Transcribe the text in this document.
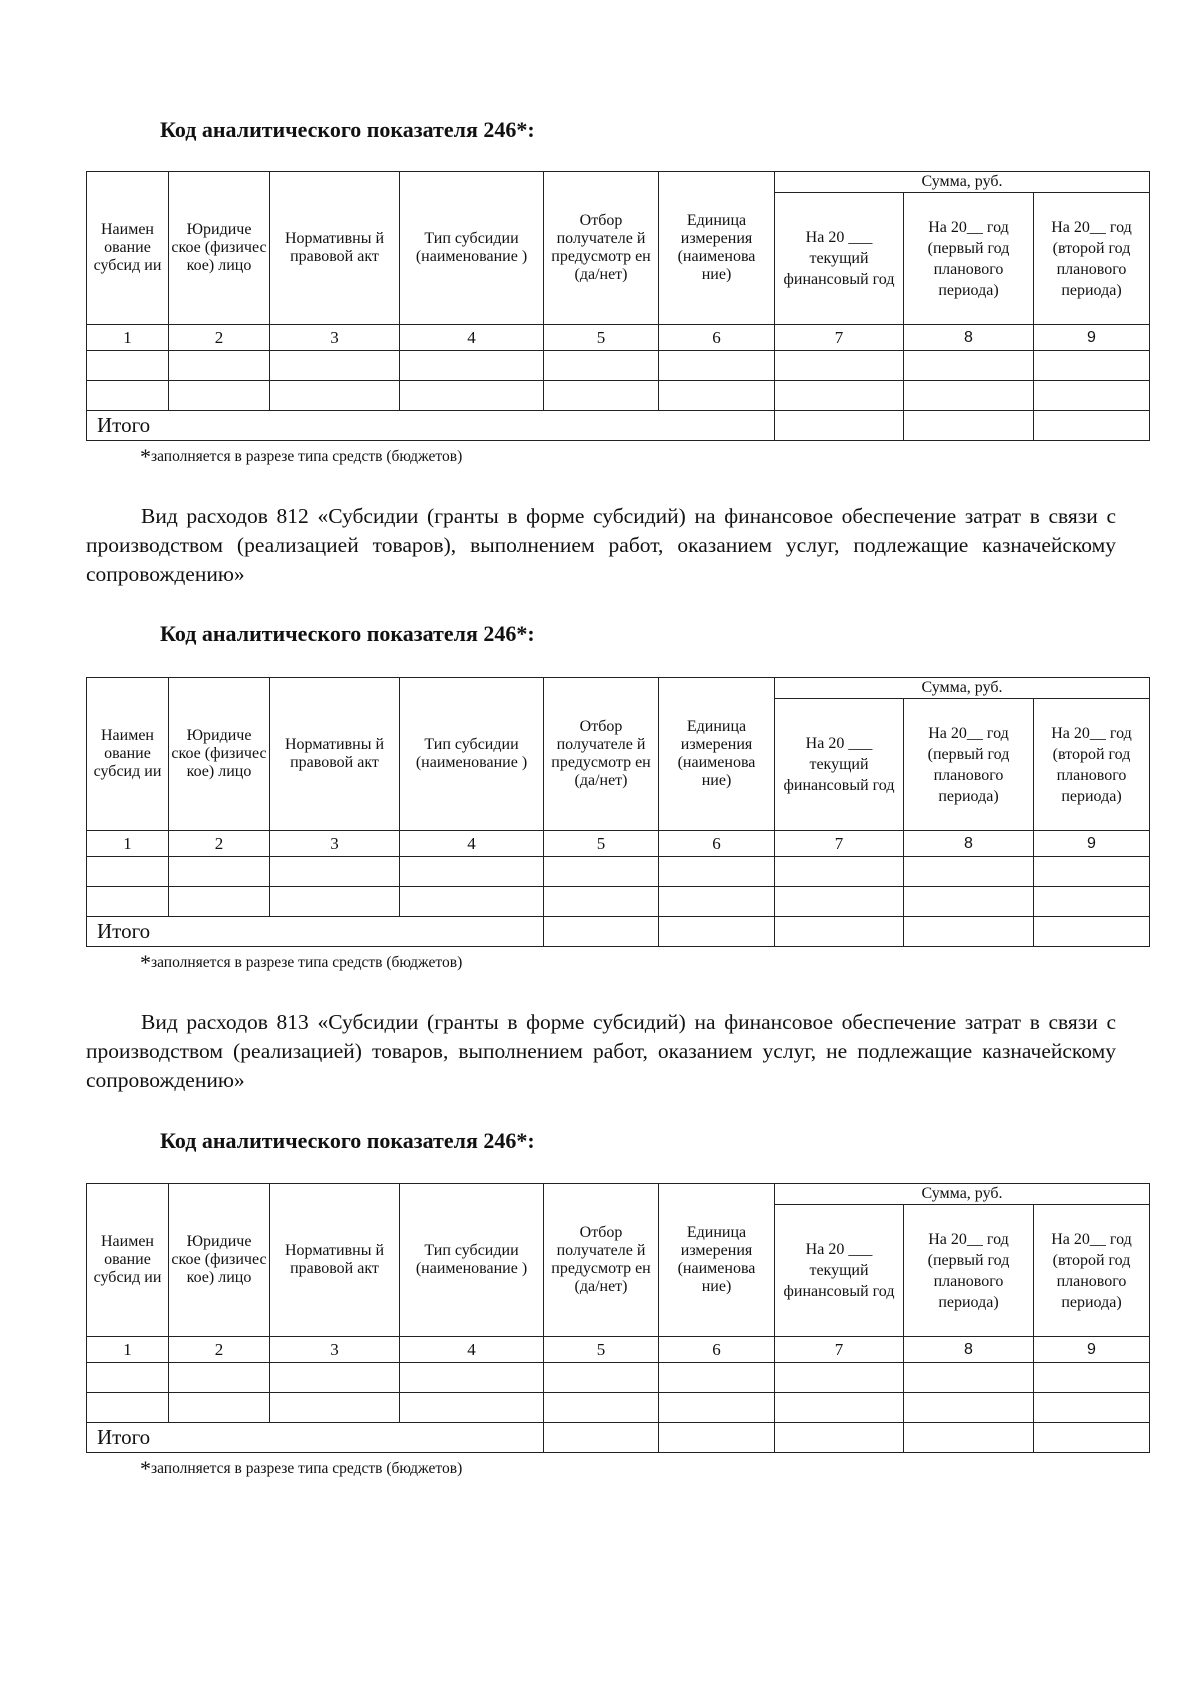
Код аналитического показателя 246*:

Наимен ование субсид ии	Юридиче ское (физичес кое) лицо	Нормативны й правовой акт	Тип субсидии (наименование )	Отбор получателе й предусмотр ен (да/нет)	Единица измерения (наименова ние)	Сумма, руб.		
						На 20 ___ текущий финансовый год	На 20__ год (первый год планового периода)	На 20__ год (второй год планового периода)
1	2	3	4	5	6	7	8	9

Итого								

*заполняется в разрезе типа средств (бюджетов)

Вид расходов 812 «Субсидии (гранты в форме субсидий) на финансовое обеспечение затрат в связи с производством (реализацией товаров), выполнением работ, оказанием услуг, подлежащие казначейскому сопровождению»

Код аналитического показателя 246*:

Наимен ование субсид ии	Юридиче ское (физичес кое) лицо	Нормативны й правовой акт	Тип субсидии (наименование )	Отбор получателе й предусмотр ен (да/нет)	Единица измерения (наименова ние)	Сумма, руб.		
						На 20 ___ текущий финансовый год	На 20__ год (первый год планового периода)	На 20__ год (второй год планового периода)
1	2	3	4	5	6	7	8	9

Итого								

*заполняется в разрезе типа средств (бюджетов)

Вид расходов 813 «Субсидии (гранты в форме субсидий) на финансовое обеспечение затрат в связи с производством (реализацией) товаров, выполнением работ, оказанием услуг, не подлежащие казначейскому сопровождению»

Код аналитического показателя 246*:

Наимен ование субсид ии	Юридиче ское (физичес кое) лицо	Нормативны й правовой акт	Тип субсидии (наименование )	Отбор получателе й предусмотр ен (да/нет)	Единица измерения (наименова ние)	Сумма, руб.		
						На 20 ___ текущий финансовый год	На 20__ год (первый год планового периода)	На 20__ год (второй год планового периода)
1	2	3	4	5	6	7	8	9

Итого								

*заполняется в разрезе типа средств (бюджетов)
